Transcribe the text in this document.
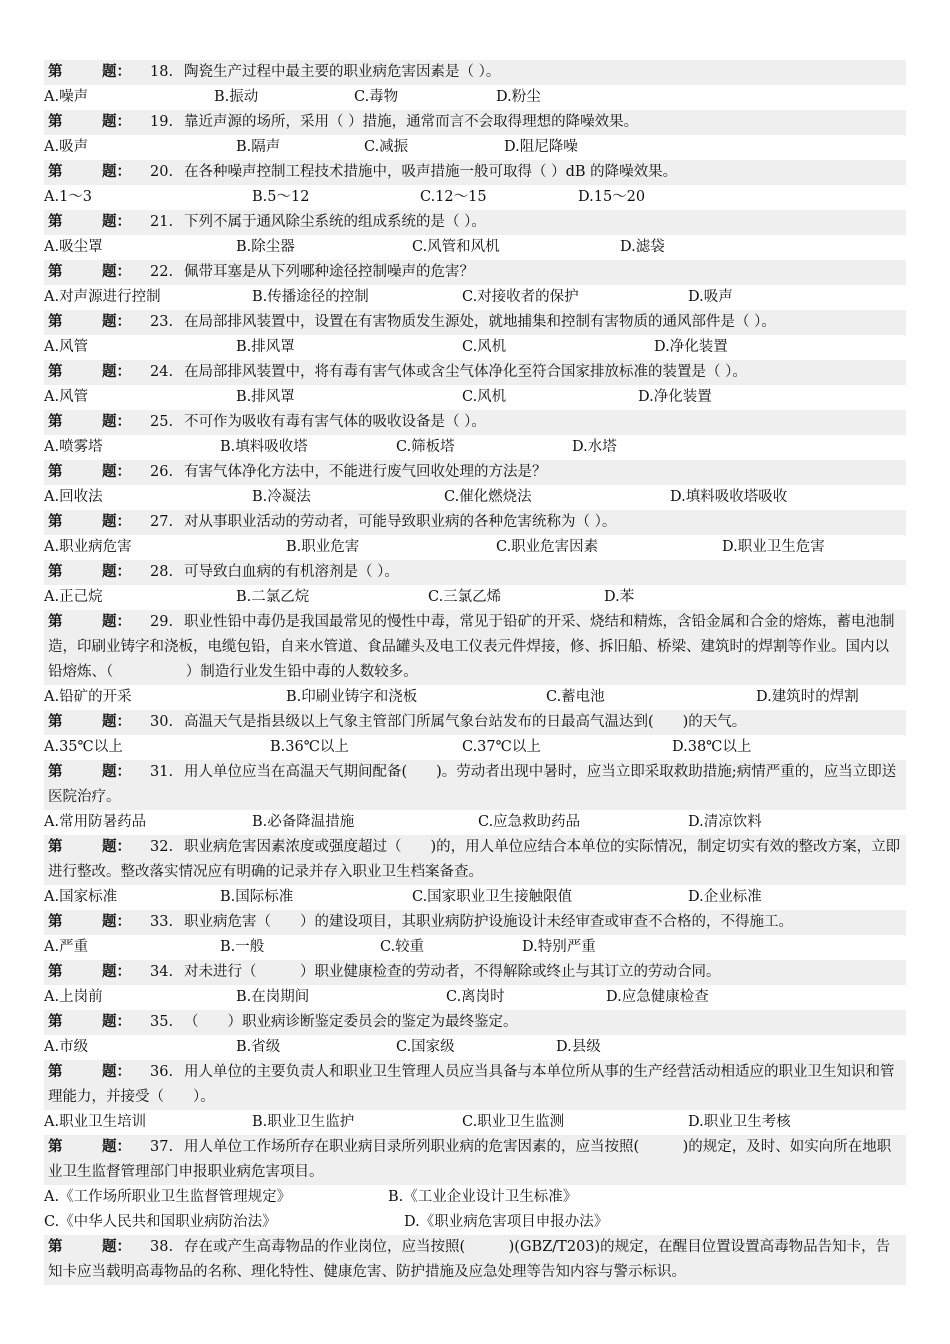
第	题： 18. 陶瓷生产过程中最主要的职业病危害因素是（ ）。
A.噪声	B.振动	C.毒物	D.粉尘
第	题： 19. 靠近声源的场所，采用（ ）措施，通常而言不会取得理想的降噪效果。
A.吸声	B.隔声	C.减振	D.阻尼降噪
第	题： 20. 在各种噪声控制工程技术措施中，吸声措施一般可取得（ ）dB 的降噪效果。
A.1～3	B.5～12	C.12～15	D.15～20
第	题： 21. 下列不属于通风除尘系统的组成系统的是（ ）。
A.吸尘罩	B.除尘器	C.风管和风机	D.滤袋
第	题： 22. 佩带耳塞是从下列哪种途径控制噪声的危害？
A.对声源进行控制	B.传播途径的控制	C.对接收者的保护	D.吸声
第	题： 23. 在局部排风装置中，设置在有害物质发生源处，就地捕集和控制有害物质的通风部件是（ ）。
A.风管	B.排风罩	C.风机	D.净化装置
第	题： 24. 在局部排风装置中，将有毒有害气体或含尘气体净化至符合国家排放标准的装置是（ ）。
A.风管	B.排风罩	C.风机	D.净化装置
第	题： 25. 不可作为吸收有毒有害气体的吸收设备是（ ）。
A.喷雾塔	B.填料吸收塔	C.筛板塔	D.水塔
第	题： 26. 有害气体净化方法中，不能进行废气回收处理的方法是？
A.回收法	B.冷凝法	C.催化燃烧法	D.填料吸收塔吸收
第	题： 27. 对从事职业活动的劳动者，可能导致职业病的各种危害统称为（ ）。
A.职业病危害	B.职业危害	C.职业危害因素	D.职业卫生危害
第	题： 28. 可导致白血病的有机溶剂是（ ）。
A.正己烷	B.二氯乙烷	C.三氯乙烯	D.苯
第	题： 29. 职业性铅中毒仍是我国最常见的慢性中毒，常见于铅矿的开采、烧结和精炼，含铅金属和合金的熔炼，蓄电池制造，印刷业铸字和浇板，电缆包铅，自来水管道、食品罐头及电工仪表元件焊接，修、拆旧船、桥梁、建筑时的焊割等作业。国内以铅熔炼、（　　　　　）制造行业发生铅中毒的人数较多。
A.铅矿的开采	B.印刷业铸字和浇板	C.蓄电池	D.建筑时的焊割
第	题： 30. 高温天气是指县级以上气象主管部门所属气象台站发布的日最高气温达到(　　)的天气。
A.35℃以上	B.36℃以上	C.37℃以上	D.38℃以上
第	题： 31. 用人单位应当在高温天气期间配备(　　)。劳动者出现中暑时，应当立即采取救助措施;病情严重的，应当立即送医院治疗。
A.常用防暑药品	B.必备降温措施	C.应急救助药品	D.清凉饮料
第	题： 32. 职业病危害因素浓度或强度超过（　　)的，用人单位应结合本单位的实际情况，制定切实有效的整改方案，立即进行整改。整改落实情况应有明确的记录并存入职业卫生档案备查。
A.国家标准	B.国际标准	C.国家职业卫生接触限值	D.企业标准
第	题： 33. 职业病危害（　　）的建设项目，其职业病防护设施设计未经审查或审查不合格的，不得施工。
A.严重	B.一般	C.较重	D.特别严重
第	题： 34. 对未进行（　　　）职业健康检查的劳动者，不得解除或终止与其订立的劳动合同。
A.上岗前	B.在岗期间	C.离岗时	D.应急健康检查
第	题： 35. （　　）职业病诊断鉴定委员会的鉴定为最终鉴定。
A.市级	B.省级	C.国家级	D.县级
第	题： 36. 用人单位的主要负责人和职业卫生管理人员应当具备与本单位所从事的生产经营活动相适应的职业卫生知识和管理能力，并接受（　　）。
A.职业卫生培训	B.职业卫生监护	C.职业卫生监测	D.职业卫生考核
第	题： 37. 用人单位工作场所存在职业病目录所列职业病的危害因素的，应当按照(　　　)的规定，及时、如实向所在地职业卫生监督管理部门申报职业病危害项目。
A.《工作场所职业卫生监督管理规定》	B.《工业企业设计卫生标准》
C.《中华人民共和国职业病防治法》	D.《职业病危害项目申报办法》
第	题： 38. 存在或产生高毒物品的作业岗位，应当按照(　　　)(GBZ/T203)的规定，在醒目位置设置高毒物品告知卡，告知卡应当载明高毒物品的名称、理化特性、健康危害、防护措施及应急处理等告知内容与警示标识。
